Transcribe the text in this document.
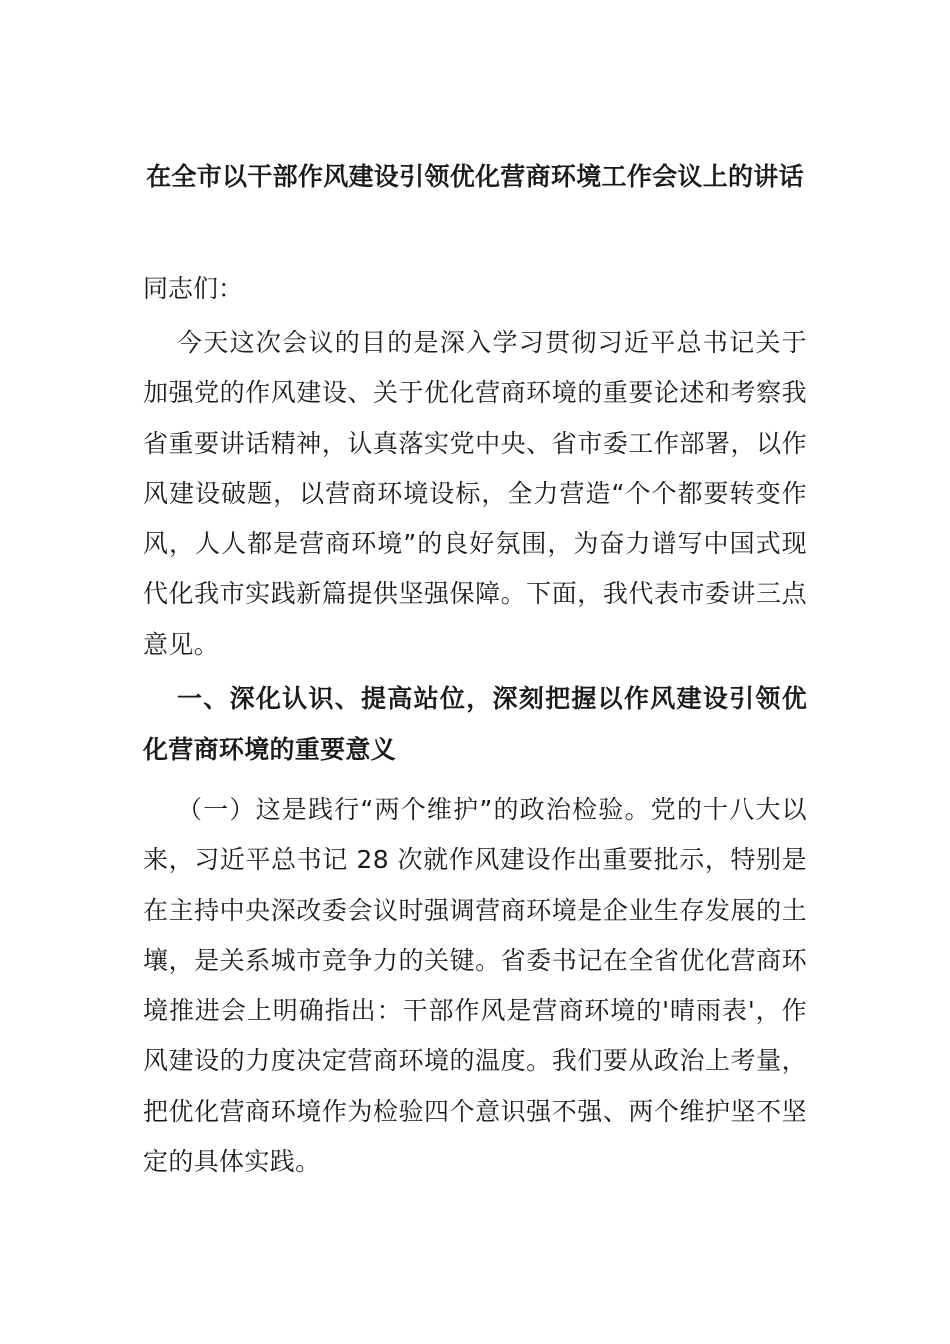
在全市以干部作风建设引领优化营商环境工作会议上的讲话

同志们：

今天这次会议的目的是深入学习贯彻习近平总书记关于加强党的作风建设、关于优化营商环境的重要论述和考察我省重要讲话精神，认真落实党中央、省市委工作部署，以作风建设破题，以营商环境设标，全力营造“个个都要转变作风，人人都是营商环境”的良好氛围，为奋力谱写中国式现代化我市实践新篇提供坚强保障。下面，我代表市委讲三点意见。

一、深化认识、提高站位，深刻把握以作风建设引领优化营商环境的重要意义

（一）这是践行“两个维护”的政治检验。党的十八大以来，习近平总书记 28 次就作风建设作出重要批示，特别是在主持中央深改委会议时强调营商环境是企业生存发展的土壤，是关系城市竞争力的关键。省委书记在全省优化营商环境推进会上明确指出：干部作风是营商环境的'晴雨表'，作风建设的力度决定营商环境的温度。我们要从政治上考量，把优化营商环境作为检验四个意识强不强、两个维护坚不坚定的具体实践。
